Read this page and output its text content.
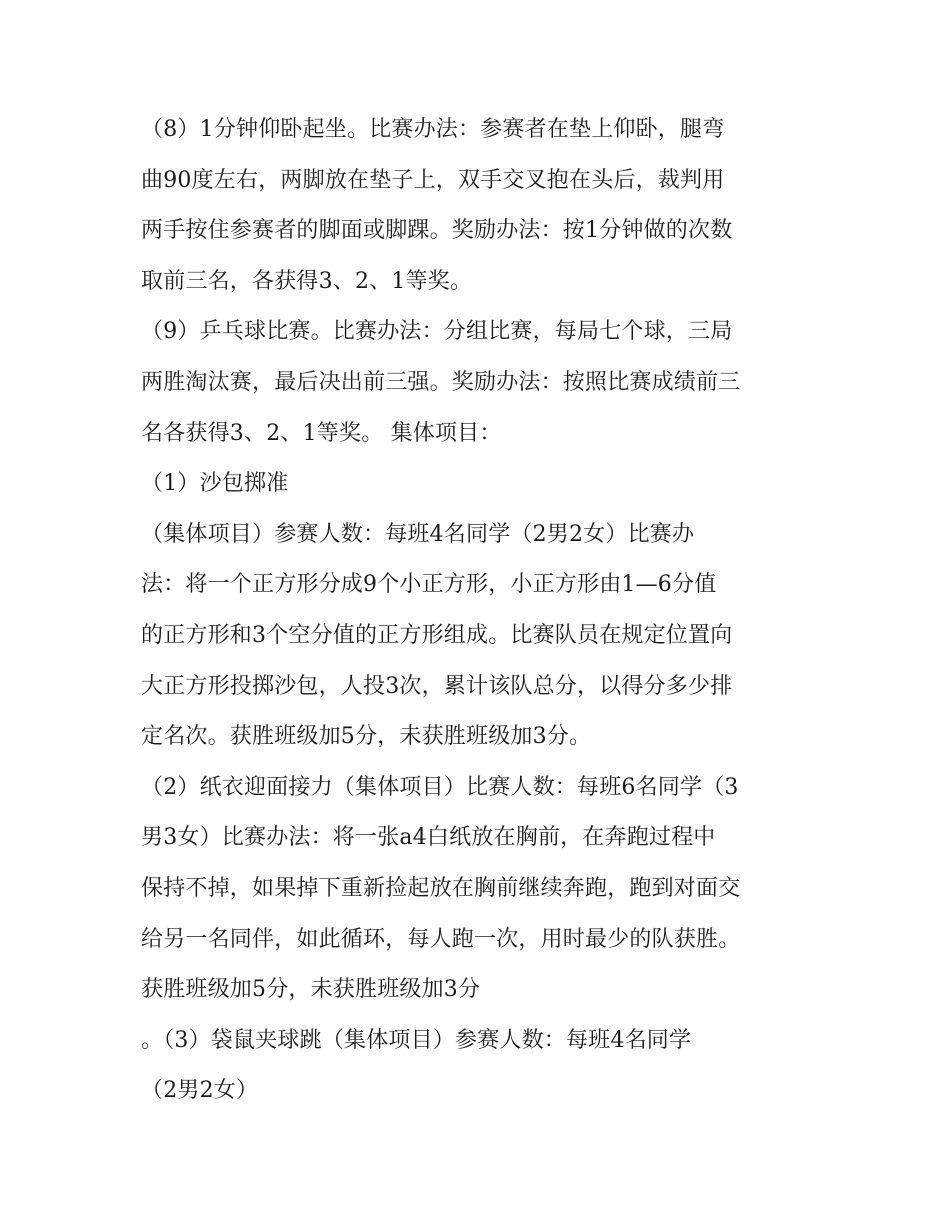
（8）1分钟仰卧起坐。比赛办法：参赛者在垫上仰卧，腿弯
曲90度左右，两脚放在垫子上，双手交叉抱在头后，裁判用
两手按住参赛者的脚面或脚踝。奖励办法：按1分钟做的次数
取前三名，各获得3、2、1等奖。
（9）乒乓球比赛。比赛办法：分组比赛，每局七个球，三局
两胜淘汰赛，最后决出前三强。奖励办法：按照比赛成绩前三
名各获得3、2、1等奖。 集体项目：
（1）沙包掷准
（集体项目）参赛人数：每班4名同学（2男2女）比赛办
法：将一个正方形分成9个小正方形，小正方形由1—6分值
的正方形和3个空分值的正方形组成。比赛队员在规定位置向
大正方形投掷沙包，人投3次，累计该队总分，以得分多少排
定名次。获胜班级加5分，未获胜班级加3分。
（2）纸衣迎面接力（集体项目）比赛人数：每班6名同学（3
男3女）比赛办法：将一张a4白纸放在胸前，在奔跑过程中
保持不掉，如果掉下重新捡起放在胸前继续奔跑，跑到对面交
给另一名同伴，如此循环，每人跑一次，用时最少的队获胜。
获胜班级加5分，未获胜班级加3分
。（3）袋鼠夹球跳（集体项目）参赛人数：每班4名同学
（2男2女）
